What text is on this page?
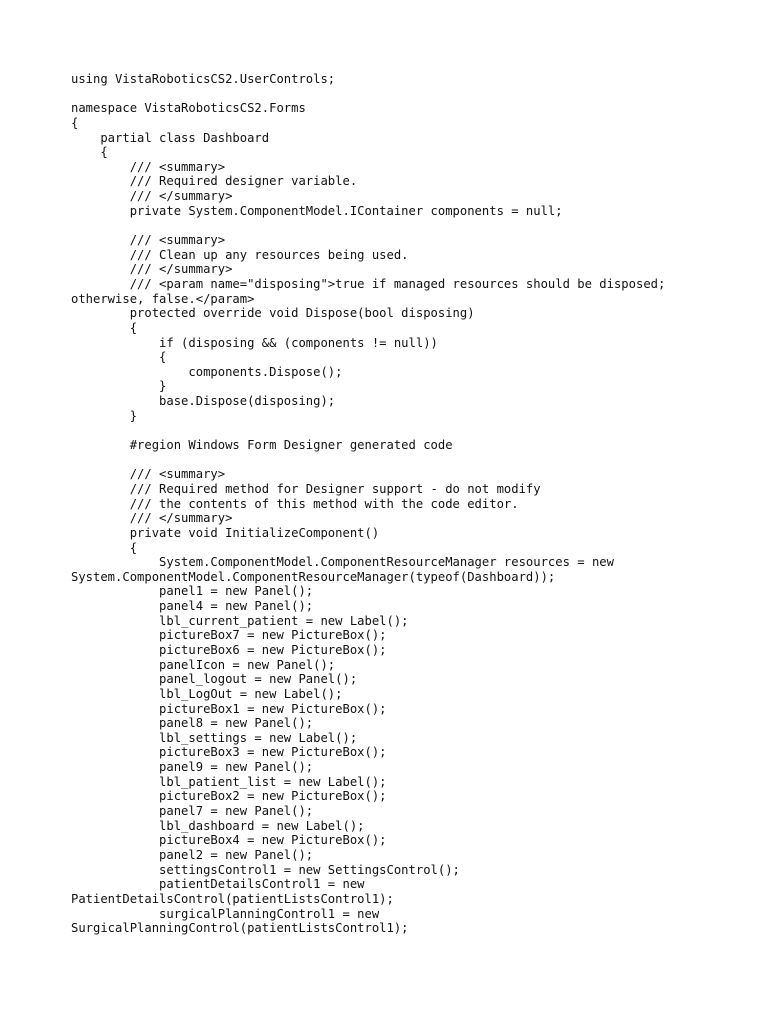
using VistaRoboticsCS2.UserControls;
namespace VistaRoboticsCS2.Forms
{
partial class Dashboard
{
/// <summary>
/// Required designer variable.
/// </summary>
private System.ComponentModel.IContainer components = null;
/// <summary>
/// Clean up any resources being used.
/// </summary>
/// <param name="disposing">true if managed resources should be disposed;
otherwise, false.</param>
protected override void Dispose(bool disposing)
{
if (disposing && (components != null))
{
components.Dispose();
}
base.Dispose(disposing);
}
#region Windows Form Designer generated code
/// <summary>
/// Required method for Designer support - do not modify
/// the contents of this method with the code editor.
/// </summary>
private void InitializeComponent()
{
System.ComponentModel.ComponentResourceManager resources = new
System.ComponentModel.ComponentResourceManager(typeof(Dashboard));
panel1 = new Panel();
panel4 = new Panel();
lbl_current_patient = new Label();
pictureBox7 = new PictureBox();
pictureBox6 = new PictureBox();
panelIcon = new Panel();
panel_logout = new Panel();
lbl_LogOut = new Label();
pictureBox1 = new PictureBox();
panel8 = new Panel();
lbl_settings = new Label();
pictureBox3 = new PictureBox();
panel9 = new Panel();
lbl_patient_list = new Label();
pictureBox2 = new PictureBox();
panel7 = new Panel();
lbl_dashboard = new Label();
pictureBox4 = new PictureBox();
panel2 = new Panel();
settingsControl1 = new SettingsControl();
patientDetailsControl1 = new
PatientDetailsControl(patientListsControl1);
surgicalPlanningControl1 = new
SurgicalPlanningControl(patientListsControl1);
